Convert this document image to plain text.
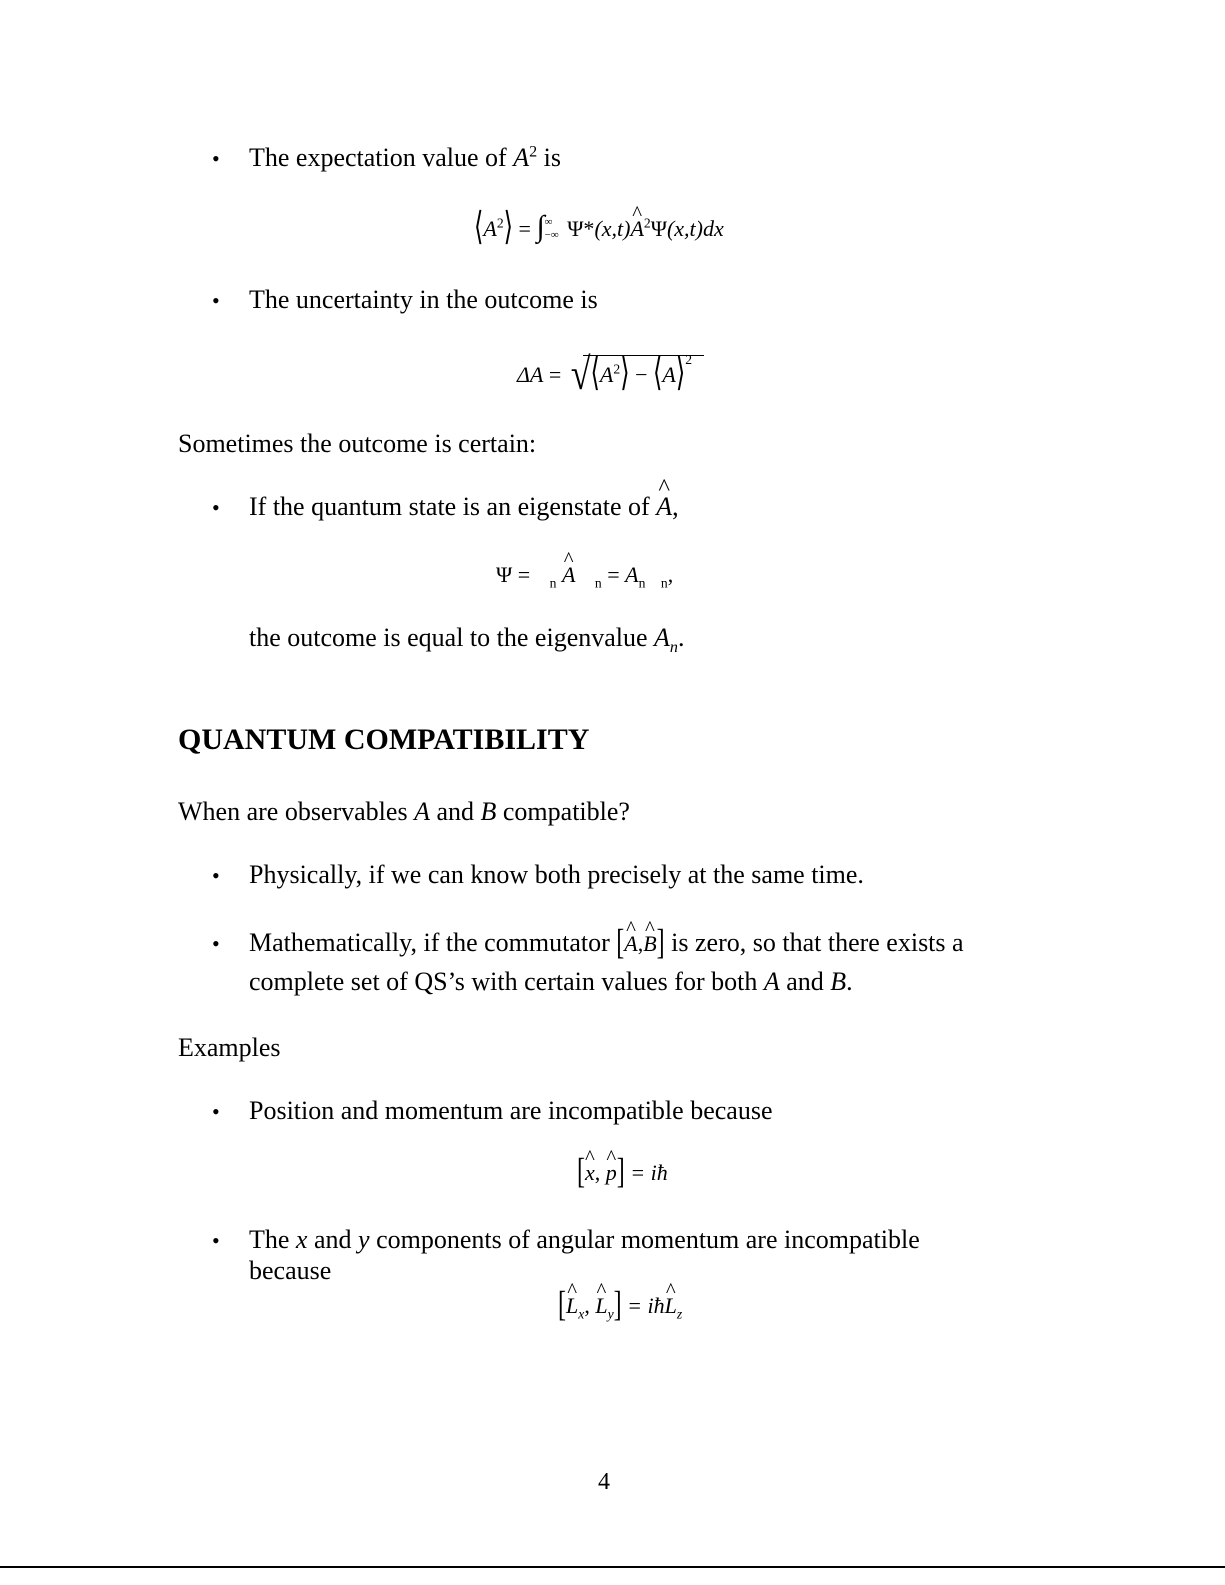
• The expectation value of $A^2$ is
$⟨A^2⟩$ = ∫ ∞
−∞ Ψ*(x,t)^ $A^2\Psi(x,t)dx$
• The uncertainty in the outcome is
$\Delta A = √⟨A^2⟩$ − ⟨A⟩$^2$
Sometimes the outcome is certain:
• If the quantum state is an eigenstate of ^ A,
Ψ = $_n$ ^ A $_n = A_n$ $_n$,
the outcome is equal to the eigenvalue $A_n$.
QUANTUM COMPATIBILITY
When are observables A and B compatible?
• Physically, if we can know both precisely at the same time.
• Mathematically, if the commutator [^ A,^ B] is zero, so that there exists a
complete set of QS’s with certain values for both A and B.
Examples
• Position and momentum are incompatible because
[^ x, ^ p] = iħ
• The x and y components of angular momentum are incompatible
because
[^ $L_x$, ^ $L_y$] = iħ^ $L_z$
4
